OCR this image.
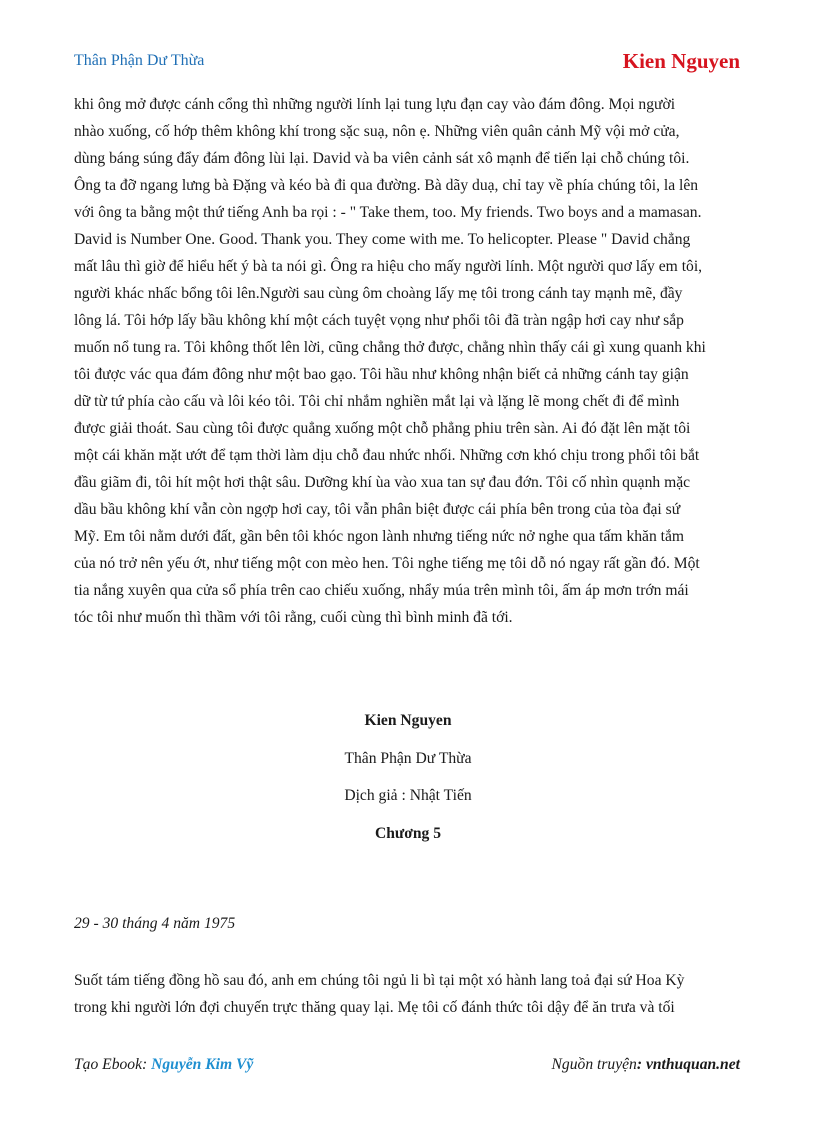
Thân Phận Dư Thừa	Kien Nguyen

khi ông mở được cánh cổng thì những người lính lại tung lựu đạn cay vào đám đông. Mọi người
nhào xuống, cố hớp thêm không khí trong sặc suạ, nôn ẹ. Những viên quân cảnh Mỹ vội mở cửa,
dùng báng súng đẩy đám đông lùi lại. David và ba viên cảnh sát xô mạnh để tiến lại chỗ chúng tôi.
Ông ta đỡ ngang lưng bà Đặng và kéo bà đi qua đường. Bà dãy duạ, chỉ tay về phía chúng tôi, la lên
với ông ta bằng một thứ tiếng Anh ba rọi : - " Take them, too. My friends. Two boys and a mamasan.
David is Number One. Good. Thank you. They come with me. To helicopter. Please " David chẳng
mất lâu thì giờ để hiểu hết ý bà ta nói gì. Ông ra hiệu cho mấy người lính. Một người quơ lấy em tôi,
người khác nhấc bổng tôi lên.Người sau cùng ôm choàng lấy mẹ tôi trong cánh tay mạnh mẽ, đầy
lông lá. Tôi hớp lấy bầu không khí một cách tuyệt vọng như phổi tôi đã tràn ngập hơi cay như sắp
muốn nổ tung ra. Tôi không thốt lên lời, cũng chẳng thở được, chẳng nhìn thấy cái gì xung quanh khi
tôi được vác qua đám đông như một bao gạo. Tôi hầu như không nhận biết cả những cánh tay giận
dữ từ tứ phía cào cấu và lôi kéo tôi. Tôi chỉ nhắm nghiền mắt lại và lặng lẽ mong chết đi để mình
được giải thoát. Sau cùng tôi được quẳng xuống một chỗ phẳng phiu trên sàn. Ai đó đặt lên mặt tôi
một cái khăn mặt ướt để tạm thời làm dịu chỗ đau nhức nhối. Những cơn khó chịu trong phổi tôi bắt
đầu giãm đi, tôi hít một hơi thật sâu. Dưỡng khí ùa vào xua tan sự đau đớn. Tôi cố nhìn quạnh mặc
dầu bầu không khí vẫn còn ngợp hơi cay, tôi vẫn phân biệt được cái phía bên trong của tòa đại sứ
Mỹ. Em tôi nằm dưới đất, gần bên tôi khóc ngon lành nhưng tiếng nức nở nghe qua tấm khăn tắm
của nó trở nên yếu ớt, như tiếng một con mèo hen. Tôi nghe tiếng mẹ tôi dỗ nó ngay rất gần đó. Một
tia nắng xuyên qua cửa sổ phía trên cao chiếu xuống, nhẩy múa trên mình tôi, ấm áp mơn trớn mái
tóc tôi như muốn thì thầm với tôi rằng, cuối cùng thì bình minh đã tới.

Kien Nguyen
Thân Phận Dư Thừa
Dịch giả : Nhật Tiến
Chương 5
29 - 30 tháng 4 năm 1975

Suốt tám tiếng đồng hồ sau đó, anh em chúng tôi ngủ li bì tại một xó hành lang toả đại sứ Hoa Kỳ
trong khi người lớn đợi chuyến trực thăng quay lại. Mẹ tôi cố đánh thức tôi dậy để ăn trưa và tối

Tạo Ebook: Nguyễn Kim Vỹ	Nguồn truyện: vnthuquan.net
